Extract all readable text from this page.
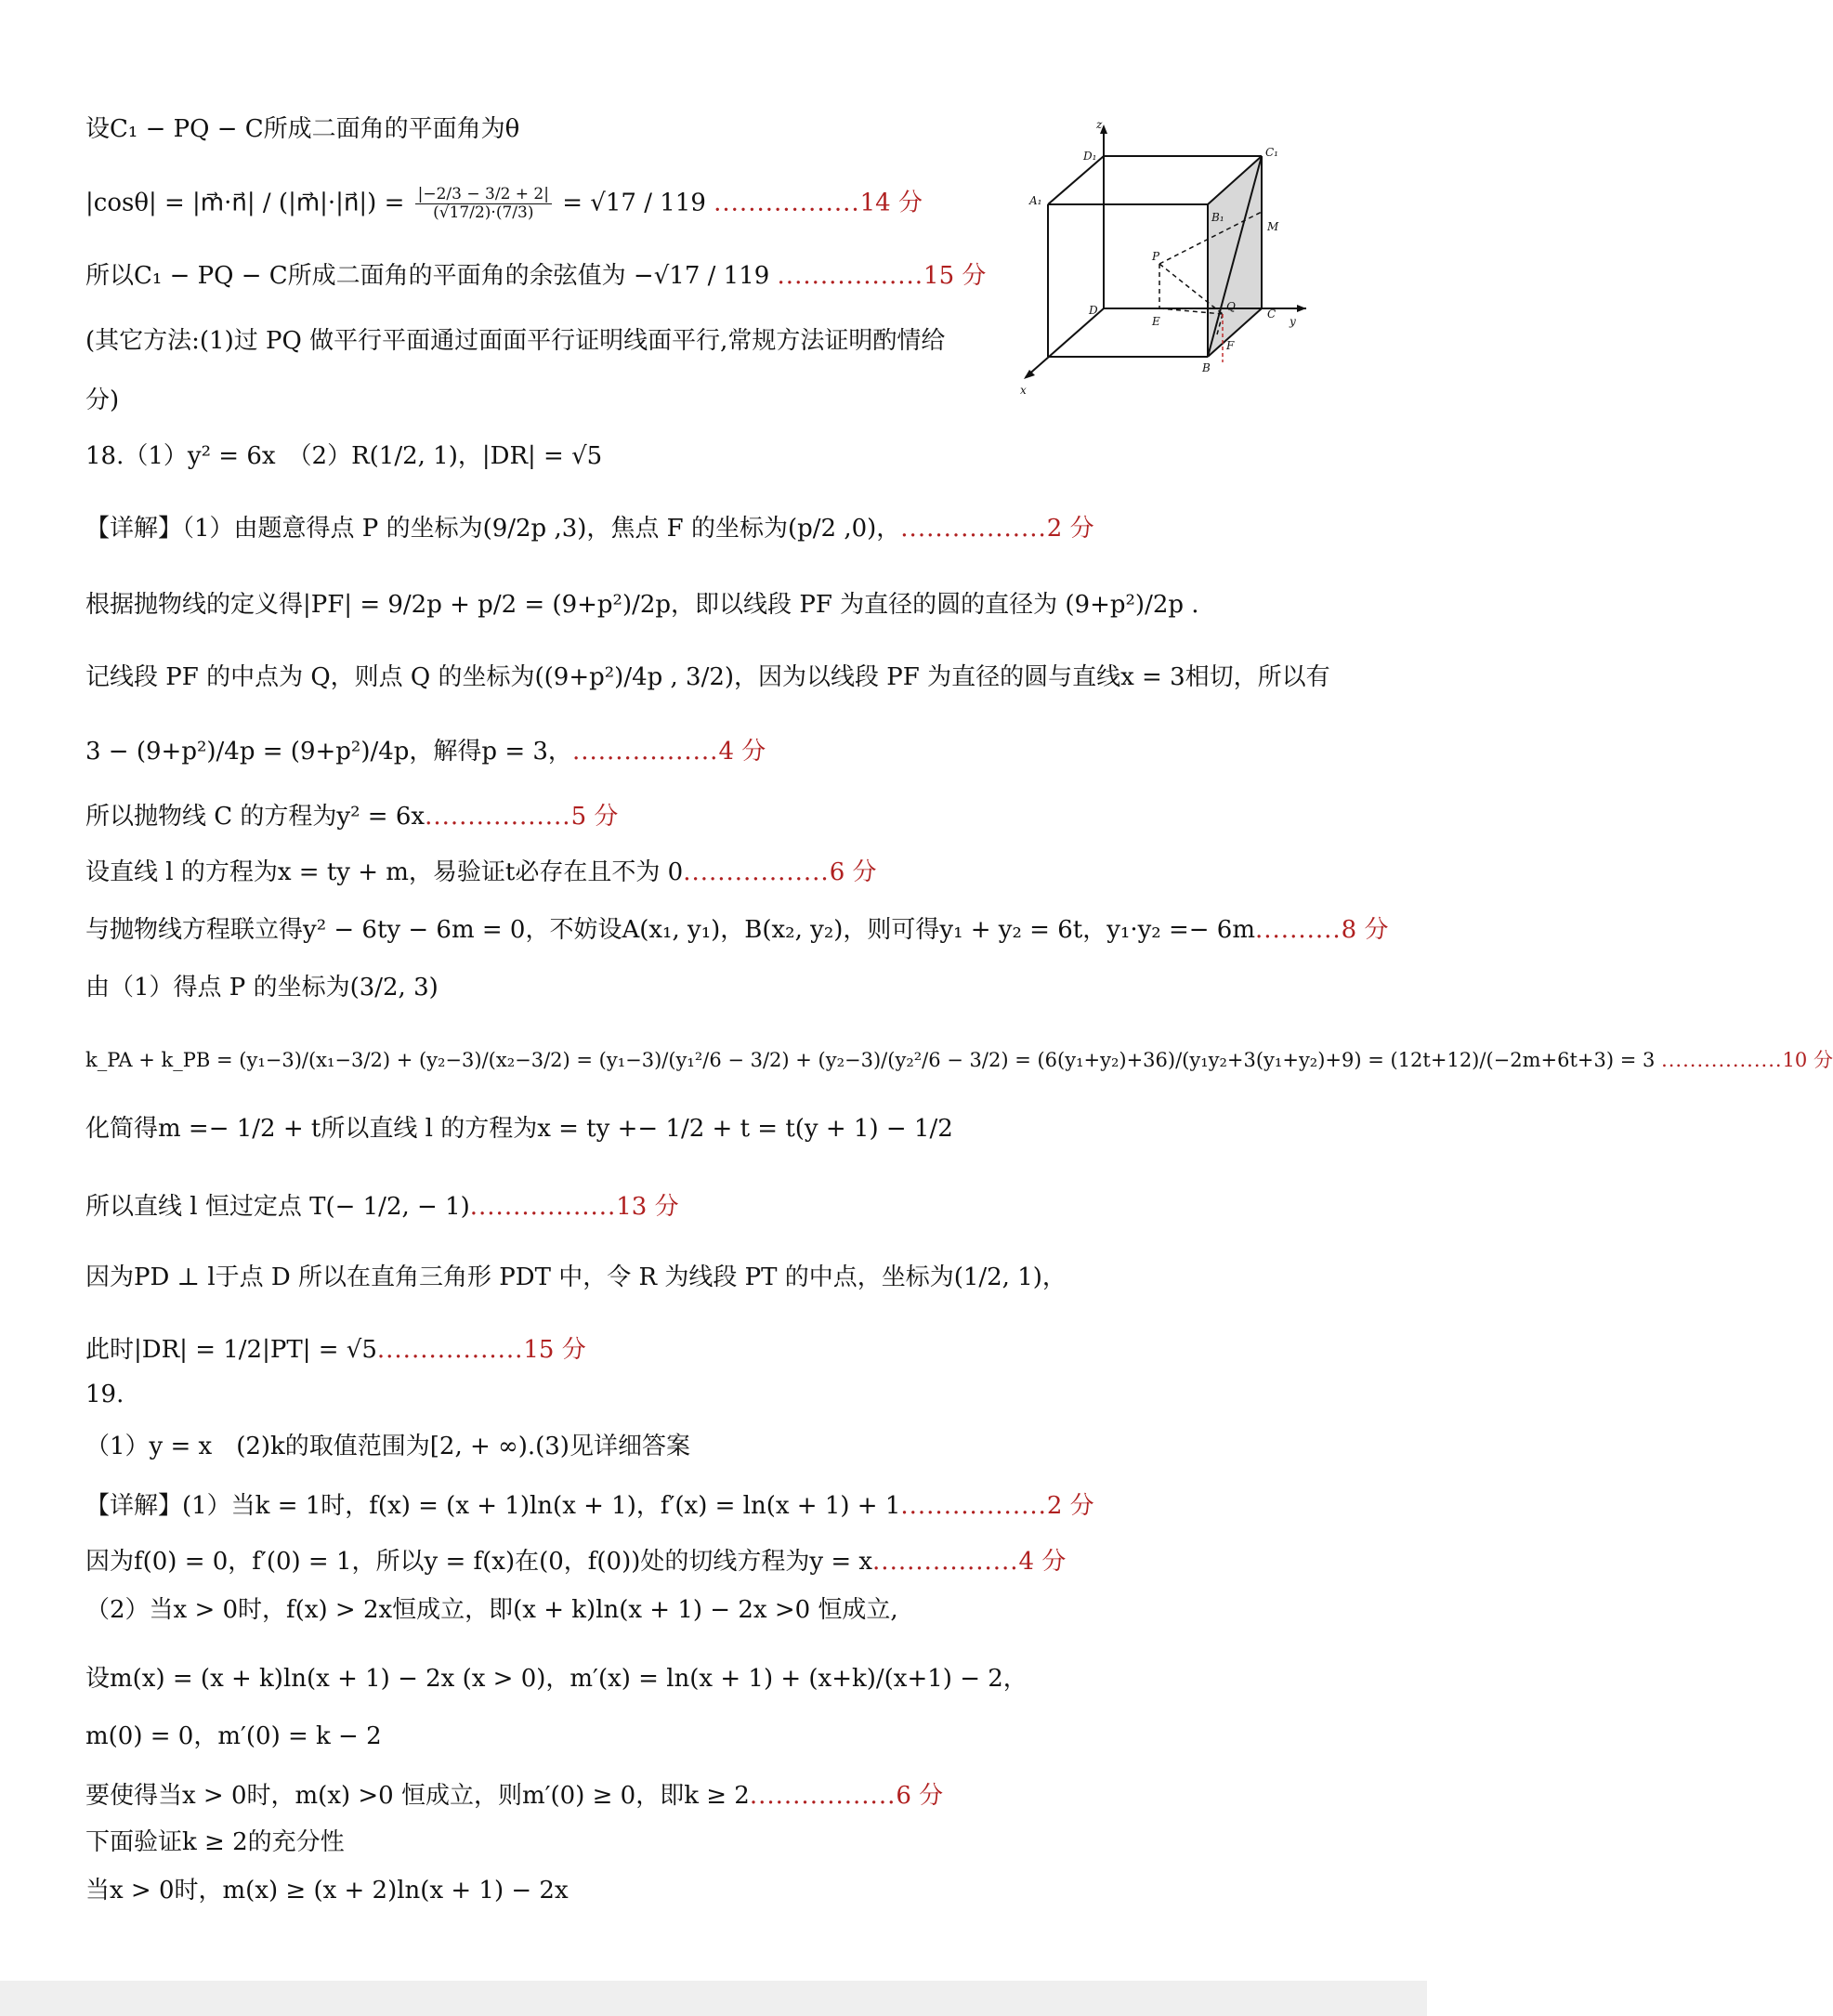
设C₁ − PQ − C所成二面角的平面角为θ
|cosθ| = |m⃗·n⃗| / (|m⃗|·|n⃗|) = $\frac{|-2/3 - 3/2 + 2|}{(√17/2)\cdot(7/3)} = √17 / 119$ .................14 分
所以C₁ − PQ − C所成二面角的平面角的余弦值为 −√17 / 119 .................15 分
(其它方法:(1)过 PQ 做平行平面通过面面平行证明线面平行,常规方法证明酌情给
分)
18.（1）y² = 6x　（2）R(1/2, 1)，|DR| = √5
【详解】（1）由题意得点 P 的坐标为(9/2p ,3)，焦点 F 的坐标为(p/2 ,0)，.................2 分
根据抛物线的定义得|PF| = 9/2p + p/2 = (9+p²)/2p，即以线段 PF 为直径的圆的直径为 (9+p²)/2p .
记线段 PF 的中点为 Q，则点 Q 的坐标为((9+p²)/4p , 3/2)，因为以线段 PF 为直径的圆与直线x = 3相切，所以有
3 − (9+p²)/4p = (9+p²)/4p，解得p = 3，.................4 分
所以抛物线 C 的方程为y² = 6x.................5 分
设直线 l 的方程为x = ty + m，易验证t必存在且不为 0.................6 分
与抛物线方程联立得y² − 6ty − 6m = 0，不妨设A(x₁, y₁)，B(x₂, y₂)，则可得y₁ + y₂ = 6t，y₁·y₂ =− 6m..........8 分
由（1）得点 P 的坐标为(3/2, 3)
k_PA + k_PB = (y₁−3)/(x₁−3/2) + (y₂−3)/(x₂−3/2) = (y₁−3)/(y₁²/6 − 3/2) + (y₂−3)/(y₂²/6 − 3/2) = (6(y₁+y₂)+36)/(y₁y₂+3(y₁+y₂)+9) = (12t+12)/(−2m+6t+3) = 3 .................10 分
化简得m =− 1/2 + t所以直线 l 的方程为x = ty +− 1/2 + t = t(y + 1) − 1/2
所以直线 l 恒过定点 T(− 1/2, − 1).................13 分
因为PD ⊥ l于点 D 所以在直角三角形 PDT 中，令 R 为线段 PT 的中点，坐标为(1/2, 1)，
此时|DR| = 1/2|PT| = √5.................15 分
19.
（1）y = x　(2)k的取值范围为[2, + ∞).(3)见详细答案
【详解】(1）当k = 1时，f(x) = (x + 1)ln(x + 1)，f′(x) = ln(x + 1) + 1.................2 分
因为f(0) = 0，f′(0) = 1，所以y = f(x)在(0，f(0))处的切线方程为y = x.................4 分
（2）当x > 0时，f(x) > 2x恒成立，即(x + k)ln(x + 1) − 2x >0 恒成立,
设m(x) = (x + k)ln(x + 1) − 2x (x > 0)，m′(x) = ln(x + 1) + (x+k)/(x+1) − 2，
m(0) = 0，m′(0) = k − 2
要使得当x > 0时，m(x) >0 恒成立，则m′(0) ≥ 0，即k ≥ 2.................6 分
下面验证k ≥ 2的充分性
当x > 0时，m(x) ≥ (x + 2)ln(x + 1) − 2x
z
D₁	C₁
A₁
B₁
M
P
D
E
Q
C
y
F
B
x
